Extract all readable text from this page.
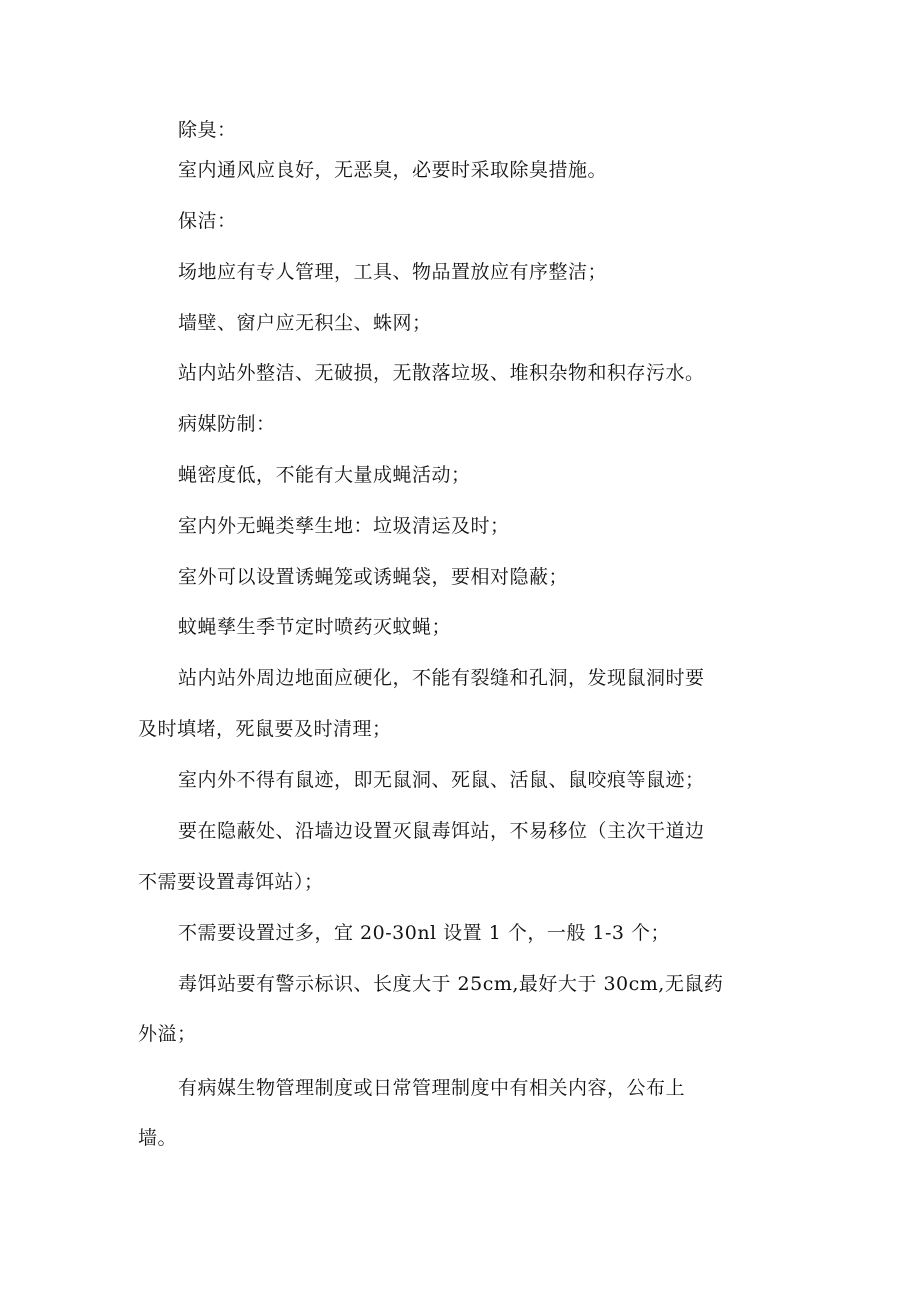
除臭：
室内通风应良好，无恶臭，必要时采取除臭措施。
保洁：
场地应有专人管理，工具、物品置放应有序整洁；
墙壁、窗户应无积尘、蛛网；
站内站外整洁、无破损，无散落垃圾、堆积杂物和积存污水。
病媒防制：
蝇密度低，不能有大量成蝇活动；
室内外无蝇类孳生地：垃圾清运及时；
室外可以设置诱蝇笼或诱蝇袋，要相对隐蔽；
蚊蝇孳生季节定时喷药灭蚊蝇；
站内站外周边地面应硬化，不能有裂缝和孔洞，发现鼠洞时要
及时填堵，死鼠要及时清理；
室内外不得有鼠迹，即无鼠洞、死鼠、活鼠、鼠咬痕等鼠迹；
要在隐蔽处、沿墙边设置灭鼠毒饵站，不易移位（主次干道边
不需要设置毒饵站）；
不需要设置过多，宜 20-30nl 设置 1 个，一般 1-3 个；
毒饵站要有警示标识、长度大于 25cm,最好大于 30cm,无鼠药
外溢；
有病媒生物管理制度或日常管理制度中有相关内容，公布上
墙。
